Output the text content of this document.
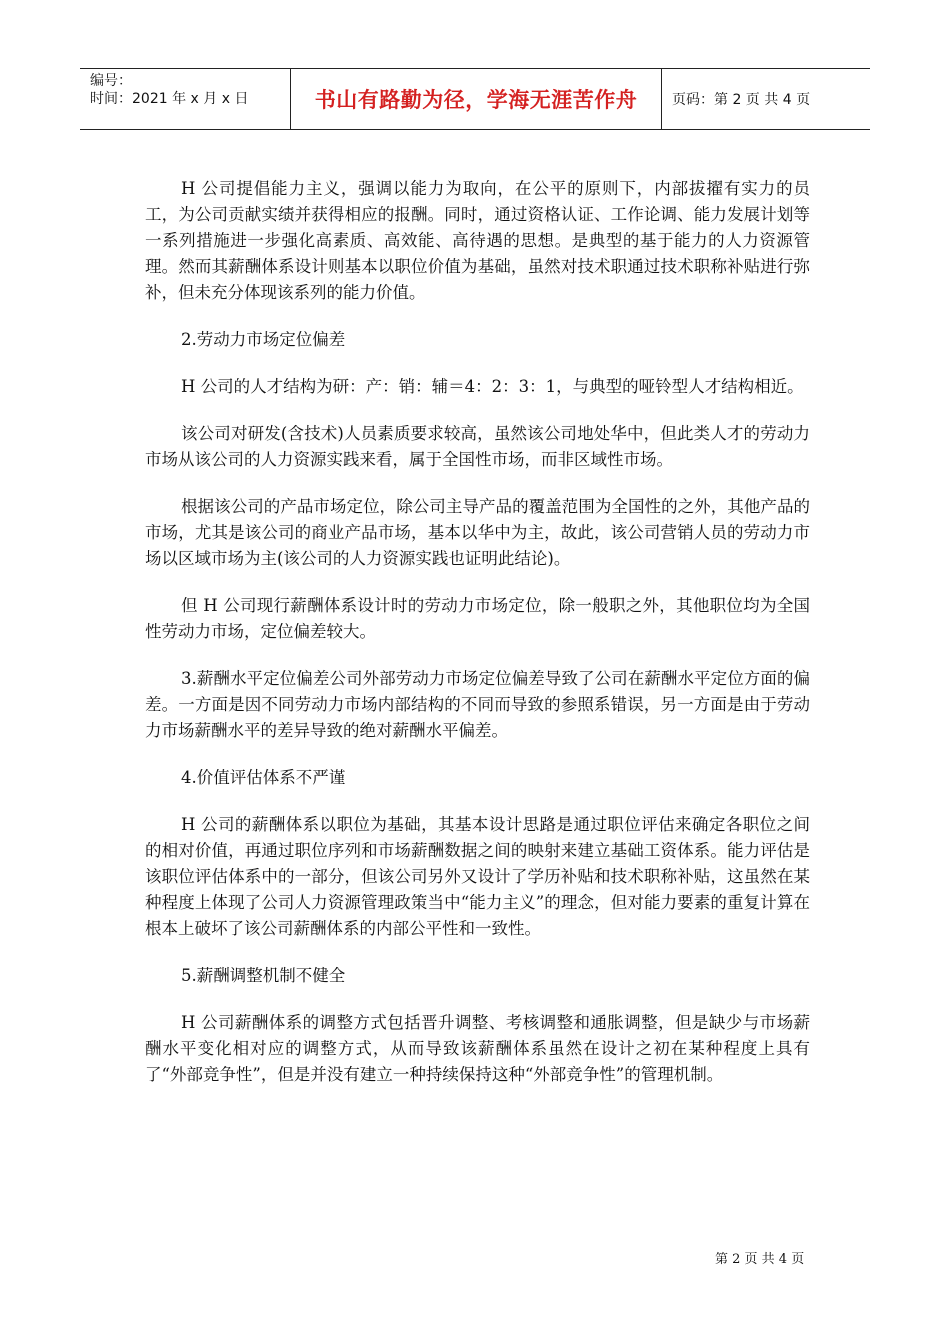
编号：
时间：2021 年 x 月 x 日	书山有路勤为径，学海无涯苦作舟	页码：第 2 页 共 4 页

H 公司提倡能力主义，强调以能力为取向，在公平的原则下，内部拔擢有实力的员工，为公司贡献实绩并获得相应的报酬。同时，通过资格认证、工作论调、能力发展计划等一系列措施进一步强化高素质、高效能、高待遇的思想。是典型的基于能力的人力资源管理。然而其薪酬体系设计则基本以职位价值为基础，虽然对技术职通过技术职称补贴进行弥补，但未充分体现该系列的能力价值。

2.劳动力市场定位偏差

H 公司的人才结构为研：产：销：辅＝4：2：3：1，与典型的哑铃型人才结构相近。

该公司对研发(含技术)人员素质要求较高，虽然该公司地处华中，但此类人才的劳动力市场从该公司的人力资源实践来看，属于全国性市场，而非区域性市场。

根据该公司的产品市场定位，除公司主导产品的覆盖范围为全国性的之外，其他产品的市场，尤其是该公司的商业产品市场，基本以华中为主，故此，该公司营销人员的劳动力市场以区域市场为主(该公司的人力资源实践也证明此结论)。

但 H 公司现行薪酬体系设计时的劳动力市场定位，除一般职之外，其他职位均为全国性劳动力市场，定位偏差较大。

3.薪酬水平定位偏差公司外部劳动力市场定位偏差导致了公司在薪酬水平定位方面的偏差。一方面是因不同劳动力市场内部结构的不同而导致的参照系错误，另一方面是由于劳动力市场薪酬水平的差异导致的绝对薪酬水平偏差。

4.价值评估体系不严谨

H 公司的薪酬体系以职位为基础，其基本设计思路是通过职位评估来确定各职位之间的相对价值，再通过职位序列和市场薪酬数据之间的映射来建立基础工资体系。能力评估是该职位评估体系中的一部分，但该公司另外又设计了学历补贴和技术职称补贴，这虽然在某种程度上体现了公司人力资源管理政策当中“能力主义”的理念，但对能力要素的重复计算在根本上破坏了该公司薪酬体系的内部公平性和一致性。

5.薪酬调整机制不健全

H 公司薪酬体系的调整方式包括晋升调整、考核调整和通胀调整，但是缺少与市场薪酬水平变化相对应的调整方式，从而导致该薪酬体系虽然在设计之初在某种程度上具有了“外部竞争性”，但是并没有建立一种持续保持这种“外部竞争性”的管理机制。

第 2 页 共 4 页
